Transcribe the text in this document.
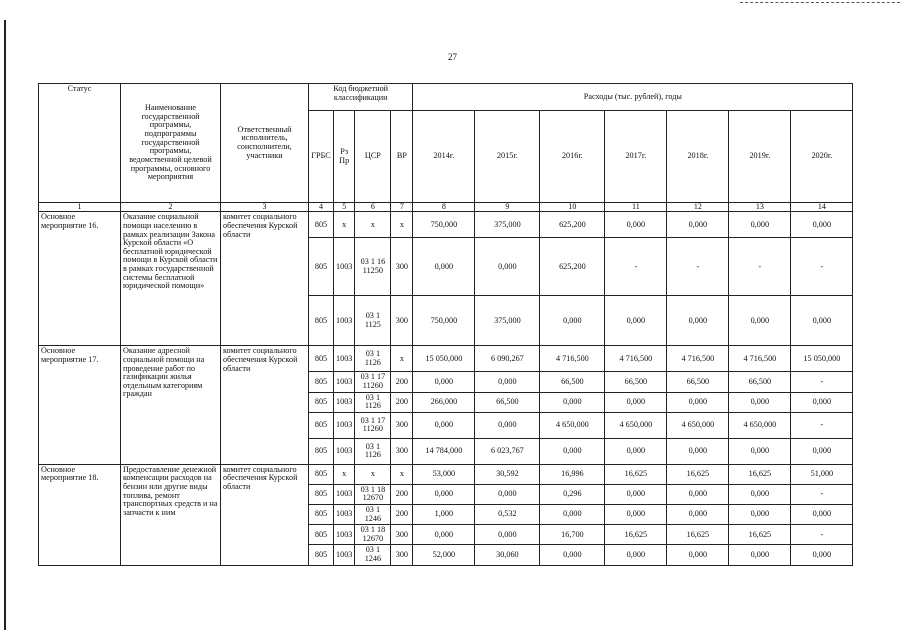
27
Статус	Наименование государственной программы, подпрограммы государственной программы, ведомственной целевой программы, основного мероприятия	Ответственный исполнитель, соисполнители, участники	Код бюджетной классификации				Расходы (тыс. рублей), годы						
			ГРБС	Рз Пр	ЦСР	ВР	2014г.	2015г.	2016г.	2017г.	2018г.	2019г.	2020г.
1	2	3	4	5	6	7	8	9	10	11	12	13	14
Основное мероприятие 16.	Оказание социальной помощи населению в рамках реализации Закона Курской области «О бесплатной юридической помощи в Курской области в рамках государственной системы бесплатной юридической помощи»	комитет социального обеспечения Курской области	805	х	х	х	750,000	375,000	625,200	0,000	0,000	0,000	0,000
			805	1003	03 1 16 11250	300	0,000	0,000	625,200	-	-	-	-
			805	1003	03 1 1125	300	750,000	375,000	0,000	0,000	0,000	0,000	0,000
Основное мероприятие 17.	Оказание адресной социальной помощи на проведение работ по газификации жилья отдельным категориям граждан	комитет социального обеспечения Курской области	805	1003	03 1 1126	х	15 050,000	6 090,267	4 716,500	4 716,500	4 716,500	4 716,500	15 050,000
			805	1003	03 1 17 11260	200	0,000	0,000	66,500	66,500	66,500	66,500	-
			805	1003	03 1 1126	200	266,000	66,500	0,000	0,000	0,000	0,000	0,000
			805	1003	03 1 17 11260	300	0,000	0,000	4 650,000	4 650,000	4 650,000	4 650,000	-
			805	1003	03 1 1126	300	14 784,000	6 023,767	0,000	0,000	0,000	0,000	0,000
Основное мероприятие 18.	Предоставление денежной компенсации расходов на бензин или другие виды топлива, ремонт транспортных средств и на запчасти к ним	комитет социального обеспечения Курской области	805	х	х	х	53,000	30,592	16,996	16,625	16,625	16,625	51,000
			805	1003	03 1 18 12670	200	0,000	0,000	0,296	0,000	0,000	0,000	-
			805	1003	03 1 1246	200	1,000	0,532	0,000	0,000	0,000	0,000	0,000
			805	1003	03 1 18 12670	300	0,000	0,000	16,700	16,625	16,625	16,625	-
			805	1003	03 1 1246	300	52,000	30,060	0,000	0,000	0,000	0,000	0,000
